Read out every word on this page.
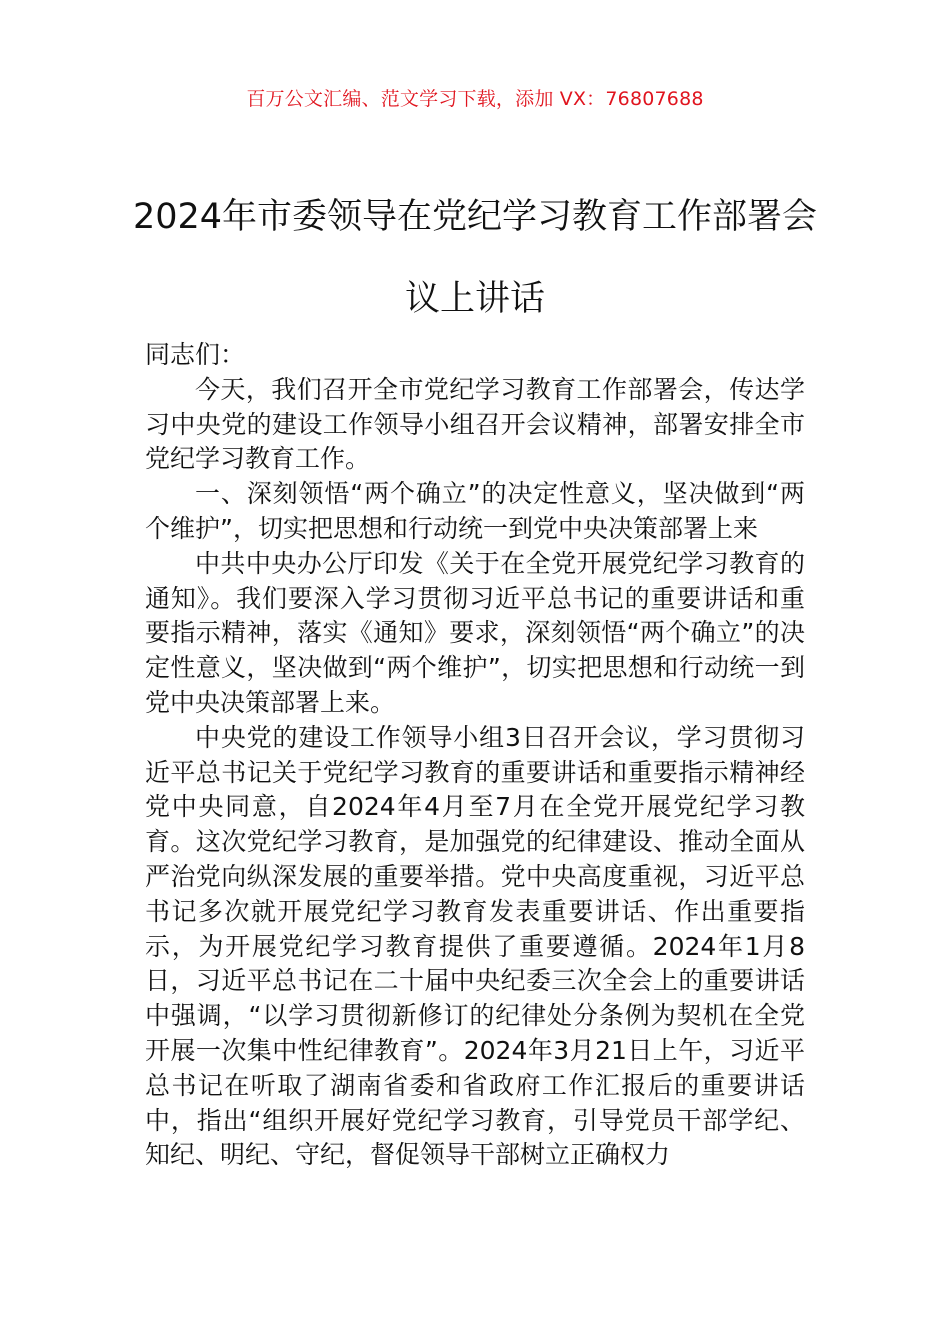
百万公文汇编、范文学习下载，添加 VX：76807688
2024年市委领导在党纪学习教育工作部署会议上讲话

同志们：

今天，我们召开全市党纪学习教育工作部署会，传达学习中央党的建设工作领导小组召开会议精神，部署安排全市党纪学习教育工作。

一、深刻领悟“两个确立”的决定性意义，坚决做到“两个维护”，切实把思想和行动统一到党中央决策部署上来

中共中央办公厅印发《关于在全党开展党纪学习教育的通知》。我们要深入学习贯彻习近平总书记的重要讲话和重要指示精神，落实《通知》要求，深刻领悟“两个确立”的决定性意义，坚决做到“两个维护”，切实把思想和行动统一到党中央决策部署上来。

中央党的建设工作领导小组3日召开会议，学习贯彻习近平总书记关于党纪学习教育的重要讲话和重要指示精神经党中央同意，自2024年4月至7月在全党开展党纪学习教育。这次党纪学习教育，是加强党的纪律建设、推动全面从严治党向纵深发展的重要举措。党中央高度重视，习近平总书记多次就开展党纪学习教育发表重要讲话、作出重要指示，为开展党纪学习教育提供了重要遵循。2024年1月8日，习近平总书记在二十届中央纪委三次全会上的重要讲话中强调，“以学习贯彻新修订的纪律处分条例为契机在全党开展一次集中性纪律教育”。2024年3月21日上午，习近平总书记在听取了湖南省委和省政府工作汇报后的重要讲话中，指出“组织开展好党纪学习教育，引导党员干部学纪、知纪、明纪、守纪，督促领导干部树立正确权力
